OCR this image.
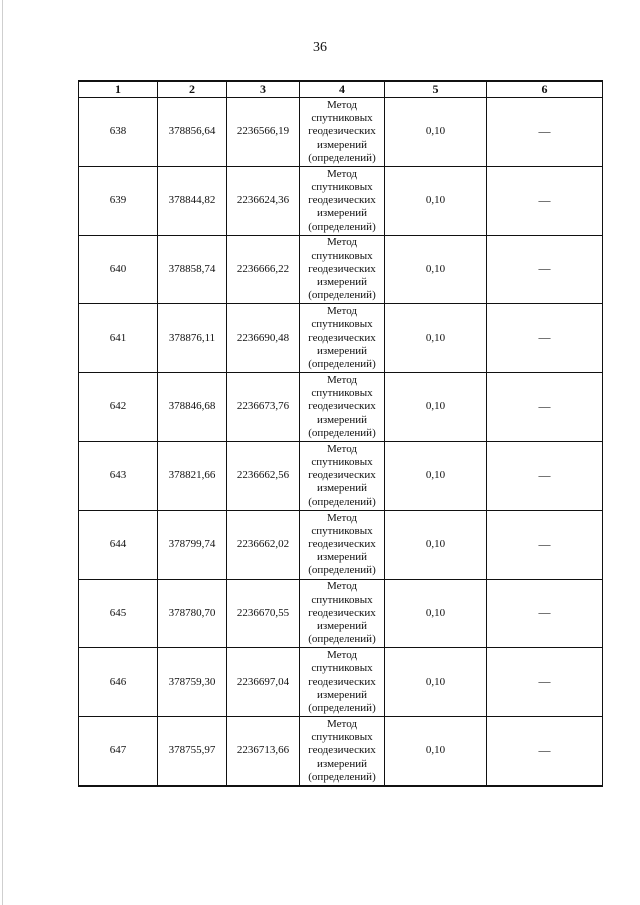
36
1	2	3	4	5	6
638	378856,64	2236566,19	Метод спутниковых геодезических измерений (определений)	0,10	—
639	378844,82	2236624,36	Метод спутниковых геодезических измерений (определений)	0,10	—
640	378858,74	2236666,22	Метод спутниковых геодезических измерений (определений)	0,10	—
641	378876,11	2236690,48	Метод спутниковых геодезических измерений (определений)	0,10	—
642	378846,68	2236673,76	Метод спутниковых геодезических измерений (определений)	0,10	—
643	378821,66	2236662,56	Метод спутниковых геодезических измерений (определений)	0,10	—
644	378799,74	2236662,02	Метод спутниковых геодезических измерений (определений)	0,10	—
645	378780,70	2236670,55	Метод спутниковых геодезических измерений (определений)	0,10	—
646	378759,30	2236697,04	Метод спутниковых геодезических измерений (определений)	0,10	—
647	378755,97	2236713,66	Метод спутниковых геодезических измерений (определений)	0,10	—
